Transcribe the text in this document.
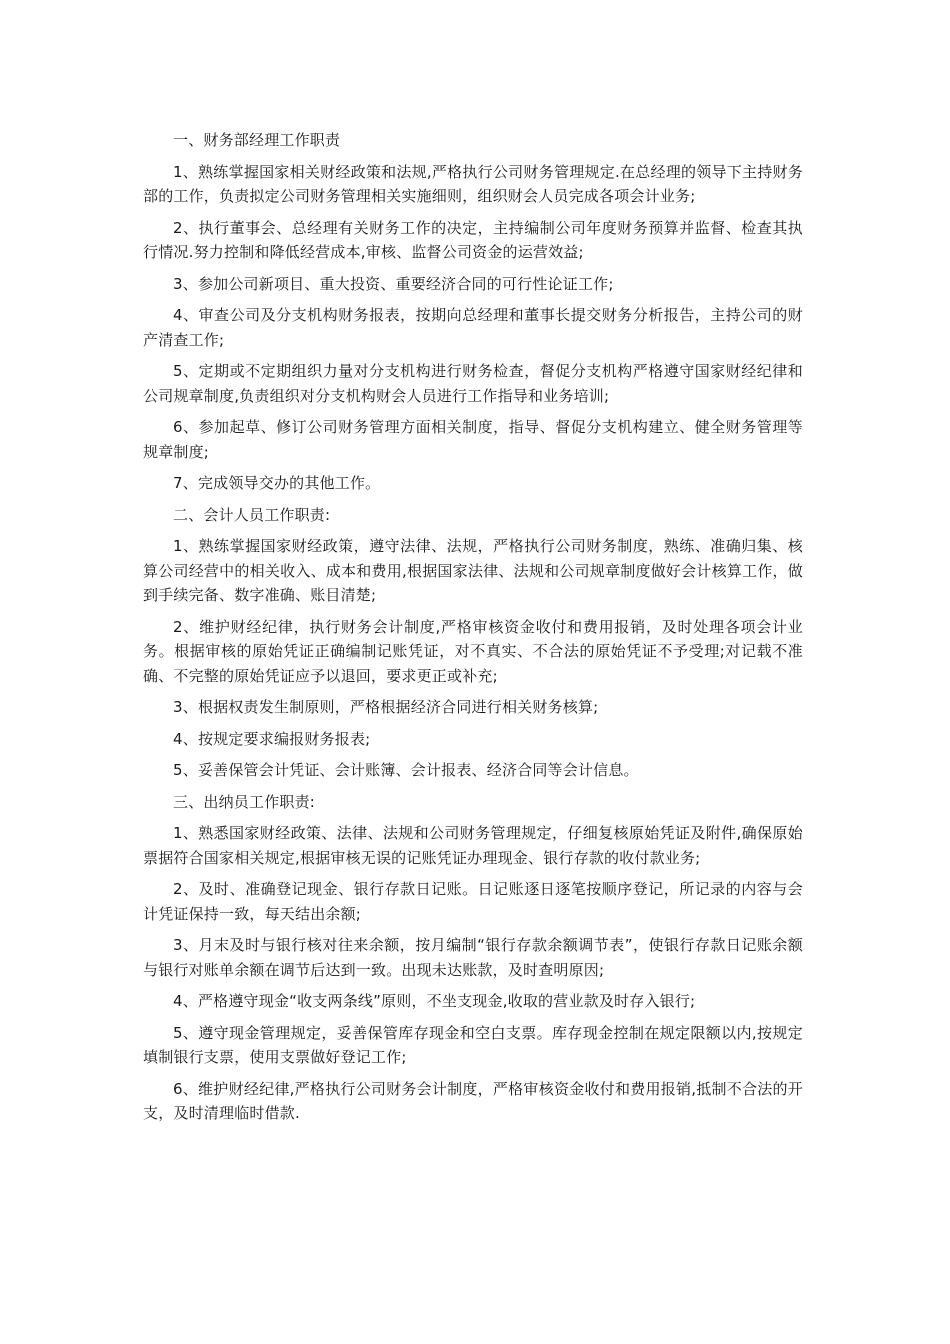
一、财务部经理工作职责

1、熟练掌握国家相关财经政策和法规,严格执行公司财务管理规定.在总经理的领导下主持财务部的工作，负责拟定公司财务管理相关实施细则，组织财会人员完成各项会计业务;

2、执行董事会、总经理有关财务工作的决定，主持编制公司年度财务预算并监督、检查其执行情况.努力控制和降低经营成本,审核、监督公司资金的运营效益;

3、参加公司新项目、重大投资、重要经济合同的可行性论证工作;

4、审查公司及分支机构财务报表，按期向总经理和董事长提交财务分析报告，主持公司的财产清查工作;

5、定期或不定期组织力量对分支机构进行财务检查，督促分支机构严格遵守国家财经纪律和公司规章制度,负责组织对分支机构财会人员进行工作指导和业务培训;

6、参加起草、修订公司财务管理方面相关制度，指导、督促分支机构建立、健全财务管理等规章制度;

7、完成领导交办的其他工作。

二、会计人员工作职责:

1、熟练掌握国家财经政策，遵守法律、法规，严格执行公司财务制度，熟练、准确归集、核算公司经营中的相关收入、成本和费用,根据国家法律、法规和公司规章制度做好会计核算工作，做到手续完备、数字准确、账目清楚;

2、维护财经纪律，执行财务会计制度,严格审核资金收付和费用报销，及时处理各项会计业务。根据审核的原始凭证正确编制记账凭证，对不真实、不合法的原始凭证不予受理;对记载不准确、不完整的原始凭证应予以退回，要求更正或补充;

3、根据权责发生制原则，严格根据经济合同进行相关财务核算;

4、按规定要求编报财务报表;

5、妥善保管会计凭证、会计账簿、会计报表、经济合同等会计信息。

三、出纳员工作职责:

1、熟悉国家财经政策、法律、法规和公司财务管理规定，仔细复核原始凭证及附件,确保原始票据符合国家相关规定,根据审核无误的记账凭证办理现金、银行存款的收付款业务;

2、及时、准确登记现金、银行存款日记账。日记账逐日逐笔按顺序登记，所记录的内容与会计凭证保持一致，每天结出余额;

3、月末及时与银行核对往来余额，按月编制“银行存款余额调节表”，使银行存款日记账余额与银行对账单余额在调节后达到一致。出现未达账款，及时查明原因;

4、严格遵守现金“收支两条线”原则，不坐支现金,收取的营业款及时存入银行;

5、遵守现金管理规定，妥善保管库存现金和空白支票。库存现金控制在规定限额以内,按规定填制银行支票，使用支票做好登记工作;

6、维护财经纪律,严格执行公司财务会计制度，严格审核资金收付和费用报销,抵制不合法的开支，及时清理临时借款.
